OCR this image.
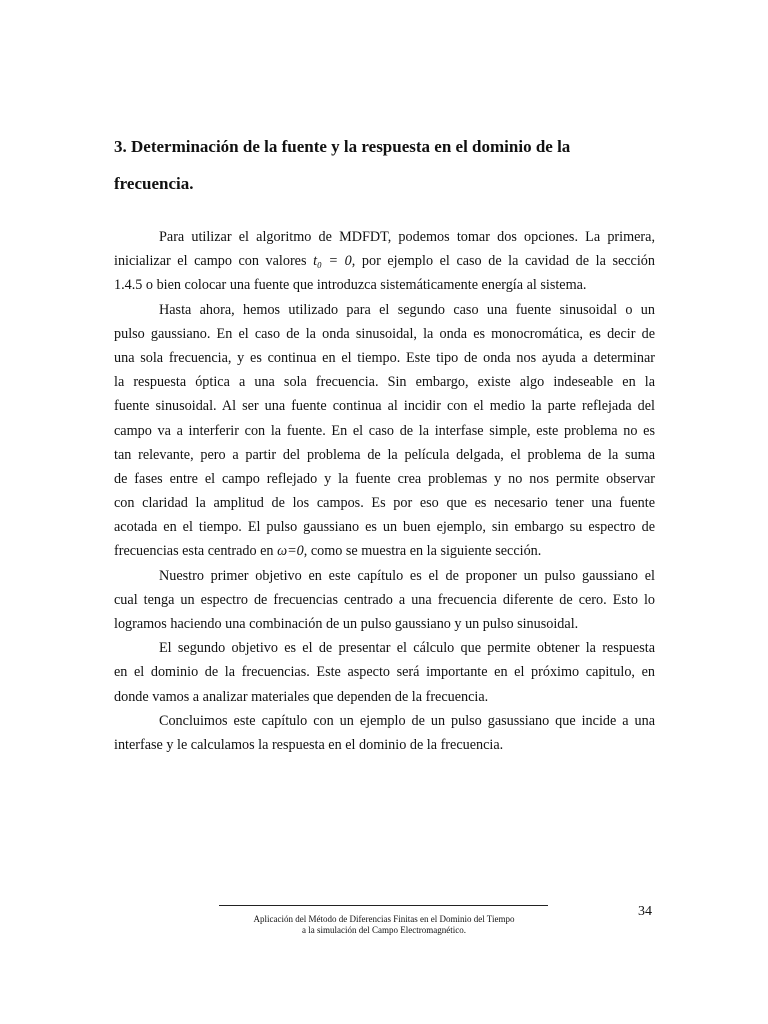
3. Determinación de la fuente y la respuesta en el dominio de la
frecuencia.
Para utilizar el algoritmo de MDFDT, podemos tomar dos opciones. La primera,
inicializar el campo con valores t₀ = 0, por ejemplo el caso de la cavidad de la sección
1.4.5 o bien colocar una fuente que introduzca sistemáticamente energía al sistema.
Hasta ahora, hemos utilizado para el segundo caso una fuente sinusoidal o un
pulso gaussiano. En el caso de la onda sinusoidal, la onda es monocromática, es decir de
una sola frecuencia, y es continua en el tiempo. Este tipo de onda nos ayuda a determinar
la respuesta óptica a una sola frecuencia. Sin embargo, existe algo indeseable en la
fuente sinusoidal. Al ser una fuente continua al incidir con el medio la parte reflejada del
campo va a interferir con la fuente. En el caso de la interfase simple, este problema no es
tan relevante, pero a partir del problema de la película delgada, el problema de la suma
de fases entre el campo reflejado y la fuente crea problemas y no nos permite observar
con claridad la amplitud de los campos. Es por eso que es necesario tener una fuente
acotada en el tiempo. El pulso gaussiano es un buen ejemplo, sin embargo su espectro de
frecuencias esta centrado en ω=0, como se muestra en la siguiente sección.
Nuestro primer objetivo en este capítulo es el de proponer un pulso gaussiano el
cual tenga un espectro de frecuencias centrado a una frecuencia diferente de cero. Esto lo
logramos haciendo una combinación de un pulso gaussiano y un pulso sinusoidal.
El segundo objetivo es el de presentar el cálculo que permite obtener la respuesta
en el dominio de la frecuencias. Este aspecto será importante en el próximo capitulo, en
donde vamos a analizar materiales que dependen de la frecuencia.
Concluimos este capítulo con un ejemplo de un pulso gasussiano que incide a una
interfase y le calculamos la respuesta en el dominio de la frecuencia.
Aplicación del Método de Diferencias Finitas en el Dominio del Tiempo
a la simulación del Campo Electromagnético.
34
